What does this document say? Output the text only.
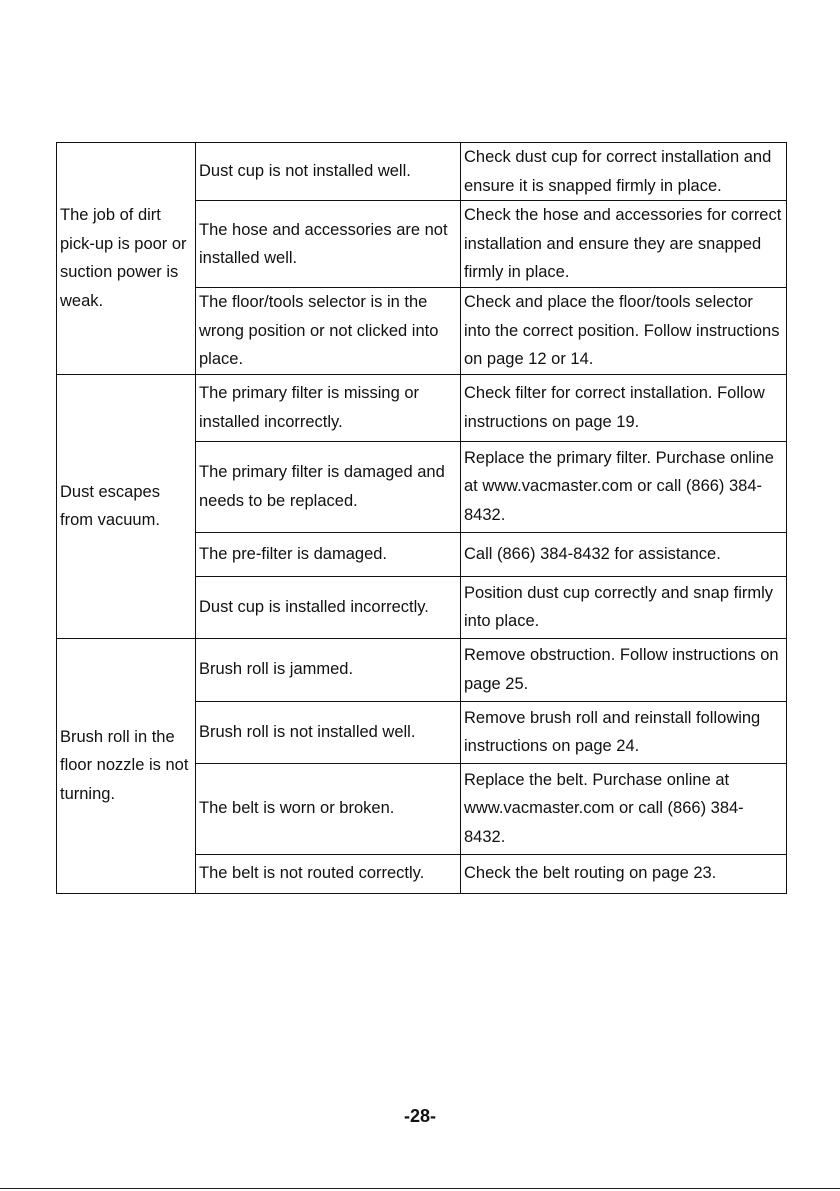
The job of dirt pick-up is poor or suction power is weak.	Dust cup is not installed well.	Check dust cup for correct installation and ensure it is snapped firmly in place.
	The hose and accessories are not installed well.	Check the hose and accessories for correct installation and ensure they are snapped firmly in place.
	The floor/tools selector is in the wrong position or not clicked into place.	Check and place the floor/tools selector into the correct position. Follow instructions on page 12 or 14.
Dust escapes from vacuum.	The primary filter is missing or installed incorrectly.	Check filter for correct installation. Follow instructions on page 19.
	The primary filter is damaged and needs to be replaced.	Replace the primary filter. Purchase online at www.vacmaster.com or call (866) 384-8432.
	The pre-filter is damaged.	Call (866) 384-8432 for assistance.
	Dust cup is installed incorrectly.	Position dust cup correctly and snap firmly into place.
Brush roll in the floor nozzle is not turning.	Brush roll is jammed.	Remove obstruction. Follow instructions on page 25.
	Brush roll is not installed well.	Remove brush roll and reinstall following instructions on page 24.
	The belt is worn or broken.	Replace the belt. Purchase online at www.vacmaster.com or call (866) 384-8432.
	The belt is not routed correctly.	Check the belt routing on page 23.
-28-
